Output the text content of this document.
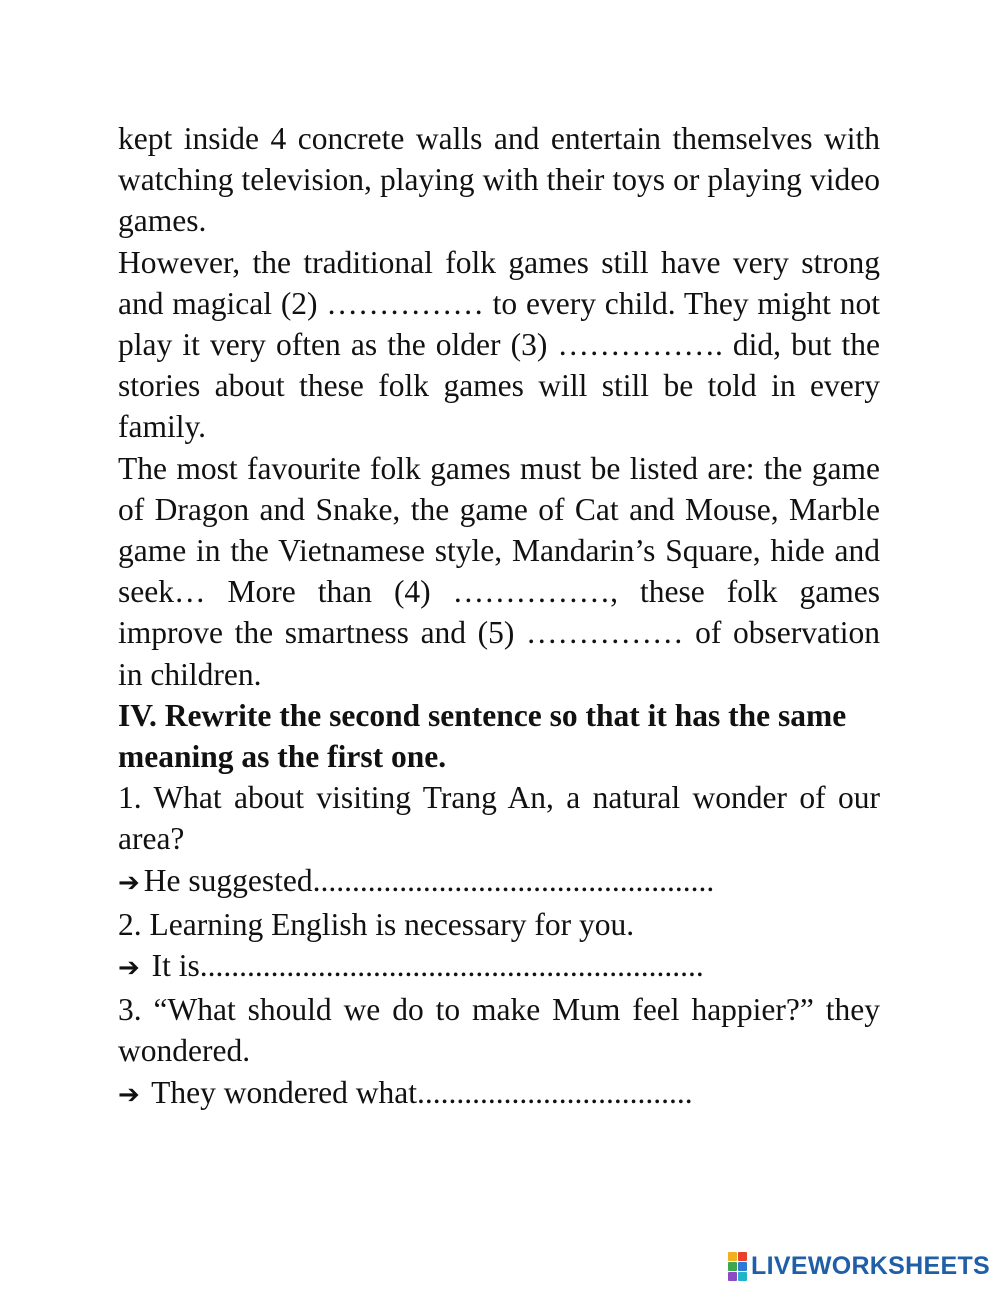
kept inside 4 concrete walls and entertain themselves with watching television, playing with their toys or playing video games.

However, the traditional folk games still have very strong and magical (2) …………… to every child. They might not play it very often as the older (3) ……………. did, but the stories about these folk games will still be told in every family.

The most favourite folk games must be listed are: the game of Dragon and Snake, the game of Cat and Mouse, Marble game in the Vietnamese style, Mandarin’s Square, hide and seek… More than (4) ……………, these folk games improve the smartness and (5) …………… of observation in children.

IV. Rewrite the second sentence so that it has the same meaning as the first one.

1. What about visiting Trang An, a natural wonder of our area?

➔ He suggested...................................................

2. Learning English is necessary for you.

➔ It is................................................................

3. “What should we do to make Mum feel happier?” they wondered.

➔ They wondered what...................................

LIVEWORKSHEETS
